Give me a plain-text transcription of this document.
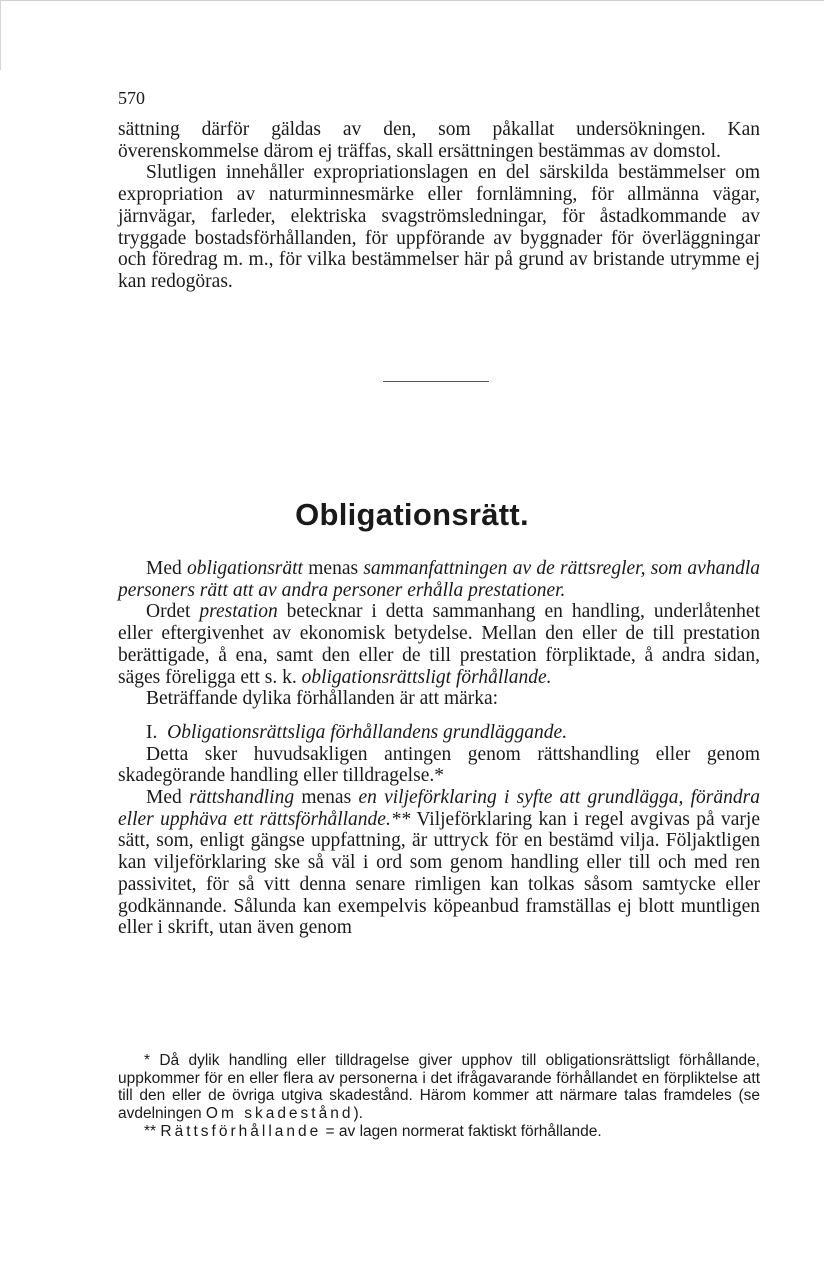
570

sättning därför gäldas av den, som påkallat undersökningen. Kan överenskommelse därom ej träffas, skall ersättningen bestämmas av domstol.

Slutligen innehåller expropriationslagen en del särskilda bestämmelser om expropriation av naturminnesmärke eller fornlämning, för allmänna vägar, järnvägar, farleder, elektriska svagströmsledningar, för åstadkommande av tryggade bostadsförhållanden, för uppförande av byggnader för överläggningar och föredrag m. m., för vilka bestämmelser här på grund av bristande utrymme ej kan redogöras.

Obligationsrätt.

Med obligationsrätt menas sammanfattningen av de rättsregler, som avhandla personers rätt att av andra personer erhålla prestationer.

Ordet prestation betecknar i detta sammanhang en handling, underlåtenhet eller eftergivenhet av ekonomisk betydelse. Mellan den eller de till prestation berättigade, å ena, samt den eller de till prestation förpliktade, å andra sidan, säges föreligga ett s. k. obligationsrättsligt förhållande.

Beträffande dylika förhållanden är att märka:

I. Obligationsrättsliga förhållandens grundläggande.

Detta sker huvudsakligen antingen genom rättshandling eller genom skadegörande handling eller tilldragelse.*

Med rättshandling menas en viljeförklaring i syfte att grundlägga, förändra eller upphäva ett rättsförhållande.** Viljeförklaring kan i regel avgivas på varje sätt, som, enligt gängse uppfattning, är uttryck för en bestämd vilja. Följaktligen kan viljeförklaring ske så väl i ord som genom handling eller till och med ren passivitet, för så vitt denna senare rimligen kan tolkas såsom samtycke eller godkännande. Sålunda kan exempelvis köpeanbud framställas ej blott muntligen eller i skrift, utan även genom

* Då dylik handling eller tilldragelse giver upphov till obligationsrättsligt förhållande, uppkommer för en eller flera av personerna i det ifrågavarande förhållandet en förpliktelse att till den eller de övriga utgiva skadestånd. Härom kommer att närmare talas framdeles (se avdelningen Om skadestånd).

** Rättsförhållande = av lagen normerat faktiskt förhållande.
